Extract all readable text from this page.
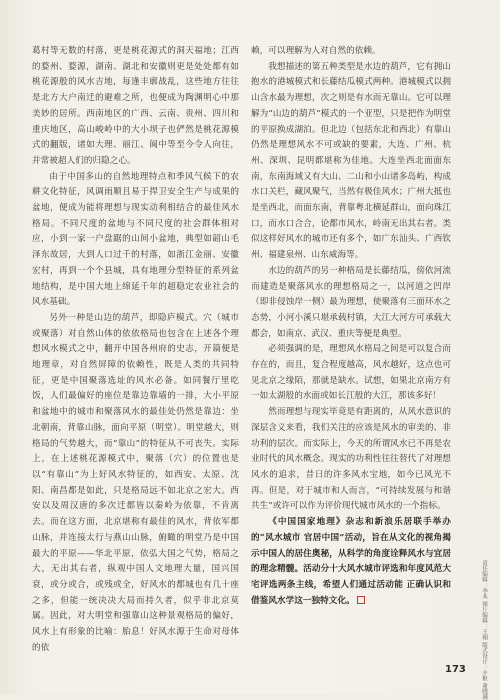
葛村等无数的村落，更是桃花源式的洞天福地；江西的婺州、婺源，湖南、湖北和安徽则更是处处都有如桃花源般的风水吉地，每逢丰廓战乱，这些地方往往是北方大户南迁的避难之所，也便成为陶渊明心中那美妙的居所。西南地区的广西、云南、贵州、四川和重庆地区，高山峻岭中的大小坝子也俨然是桃花源模式的翻版，诸如大理、丽江、阆中等至今令人向往，并常被超人们的归隐之心。

由于中国多山的自然地理特点和季风气候下的农耕文化特征，风调雨顺且易于捍卫安全生产与成果的盆地，便成为能将理想与现实动利相结合的最佳风水格局。不同尺度的盆地与不同尺度的社会群体相对应，小到一家一户盘踞的山间小盆地，典型如韶山毛泽东故居，大到人口过千的村落，如浙江金丽、安徽宏村，再到一个个县城，具有地理分型特征的系列盆地结构，是中国大地上绵延千年的超稳定农业社会的风水基础。

另外一种是山边的葫芦，即隐庐模式。穴（城市或聚落）对自然山体的依依格局也包含在上述各个理想风水模式之中，翻开中国各州府的史志，开篇便是地理章，对自然屏障的依赖性，既是人类的共同特征，更是中国聚落选址的风水必备。如同餐厅里吃饭，人们最偏好的座位是靠边靠墙的一排，大小平原和盆地中的城市和聚落风水的最佳处仍然是靠边：坐北朝南，背靠山脉，面向平原（明堂）。明堂越大，则格局的气势越大，而“靠山”的特征从不可丧失。实际上，在上述桃花源模式中，聚落（穴）的位置也是以“有靠山”为上好风水特征的，如西安、太原、沈阳、南昌都是如此，只是格局远不如北京之宏大。西安以及周汉唐的多次迁都皆以秦岭为依靠，不肯离去。而在这方面，北京堪称有最佳的风水，背依军都山脉，并连接太行与燕山山脉，俯瞰的明堂乃是中国最大的平原——华北平原，依弘大国之气势，格局之大，无出其右者，纵观中国人文地理大量，国兴国衰，或分或合，或残或全，好风水的都城也有几十座之多，但能一统决决大局而持久者，似乎非北京莫属。因此，对大明堂和强靠山这种景观格局的偏好，风水上有形象的比喻：胎息！好风水源于生命对母体的依

赖，可以理解为人对自然的依赖。

我想描述的第五种类型是水边的葫芦，它有拥山抱水的港城模式和长藤结瓜模式两种。港城模式以拥山含水最为理想，次之则是有水而无靠山。它可以理解为“山边的葫芦”模式的一个亚型，只是把作为明堂的平原换成湖泊。但北边（包括东北和西北）有靠山仍然是理想风水不可或缺的要素，大连、广州、杭州、深圳、昆明都堪称为佳地。大连坐西北面面东南，东南海域又有大山、二山和小山诸多岛屿，构成水口关栏，藏风聚气，当然有极佳风水；广州大抵也是坐西北，而面东南，背靠粤北横延群山，面向珠江口，而水口合合，论都市风水，岭南无出其右者。类似这样好风水的城市还有多个，如广东汕头、广西钦州、福建泉州、山东威海等。

水边的葫芦的另一种格局是长藤结瓜，傍依河流而建造是聚落风水的理想格局之一，以河道之凹岸（即非侵蚀岸一侧）最为理想，使聚落有三面环水之态势，小河小溪只堪承载村镇，大江大河方可承载大都会，如南京、武汉、重庆等便是典型。

必须强调的是，理想风水格局之间是可以复合而存在的，而且，复合程度越高，风水越好，这点也可见北京之缘陌，那就是缺水。试想，如果北京南方有一如太湖般的水面或如长江般的大江，那该多好！

然而理想与现实毕竟是有距离的，从风水意识的深层含义来看，我们关注的应该是风水的审美的、非功利的层次。而实际上，今天的所谓风水已不再是农业时代的风水概念。现实的功利性往往替代了对理想风水的追求，昔日的许多风水宝地，如今已风光不再。但是，对于城市和人而言，“可持续发展与和谐共生”或许可以作为评价现代城市风水的一个指标。

《中国国家地理》杂志和新浪乐居联手举办的“风水城市 官居中国”活动，旨在从文化的视角揭示中国人的居住奥秘，从科学的角度诠释风水与宜居的理念精髓。活动分十大风水城市评选和年度风范大宅评选两条主线，希望人们通过活动能 正确认识和借鉴风水学这一独特文化。	责任编辑：李木 图片编辑：王栩 版式设计：介枢 董晓满
173
